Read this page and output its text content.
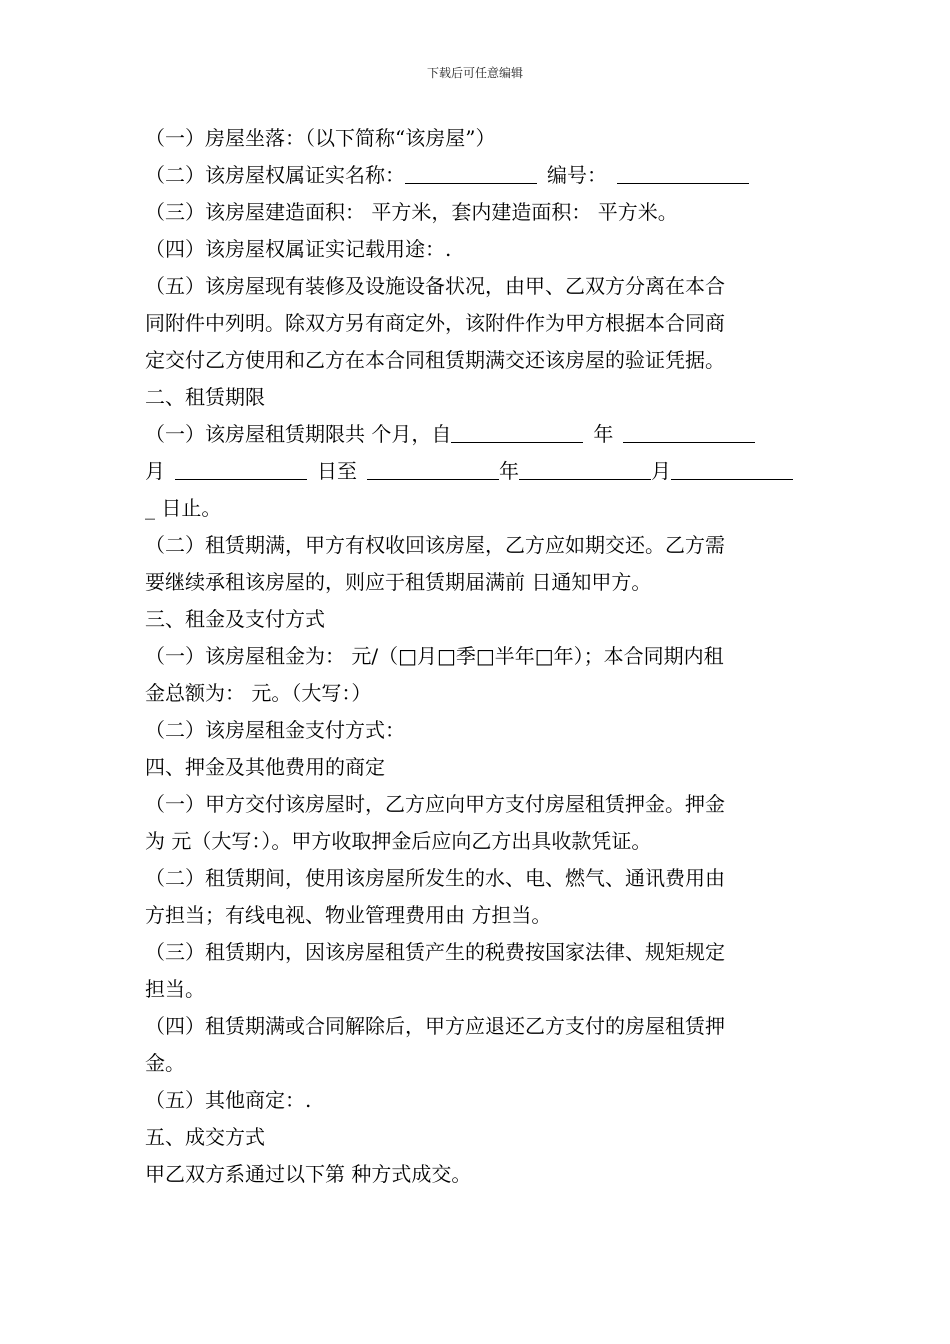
下载后可任意编辑
（一）房屋坐落：（以下简称“该房屋”）
（二）该房屋权属证实名称：	编号：
（三）该房屋建造面积： 平方米，套内建造面积： 平方米。
（四）该房屋权属证实记载用途：.
（五）该房屋现有装修及设施设备状况，由甲、乙双方分离在本合
同附件中列明。除双方另有商定外，该附件作为甲方根据本合同商
定交付乙方使用和乙方在本合同租赁期满交还该房屋的验证凭据。
二、租赁期限
（一）该房屋租赁期限共 个月，自	年
月	日至	年	月
_ 日止。
（二）租赁期满，甲方有权收回该房屋，乙方应如期交还。乙方需
要继续承租该房屋的，则应于租赁期届满前 日通知甲方。
三、租金及支付方式
（一）该房屋租金为： 元/（□月□季□半年□年）；本合同期内租
金总额为： 元。（大写：）
（二）该房屋租金支付方式：
四、押金及其他费用的商定
（一）甲方交付该房屋时，乙方应向甲方支付房屋租赁押金。押金
为 元（大写：）。甲方收取押金后应向乙方出具收款凭证。
（二）租赁期间，使用该房屋所发生的水、电、燃气、通讯费用由
方担当；有线电视、物业管理费用由 方担当。
（三）租赁期内，因该房屋租赁产生的税费按国家法律、规矩规定
担当。
（四）租赁期满或合同解除后，甲方应退还乙方支付的房屋租赁押
金。
（五）其他商定：.
五、成交方式
甲乙双方系通过以下第 种方式成交。
